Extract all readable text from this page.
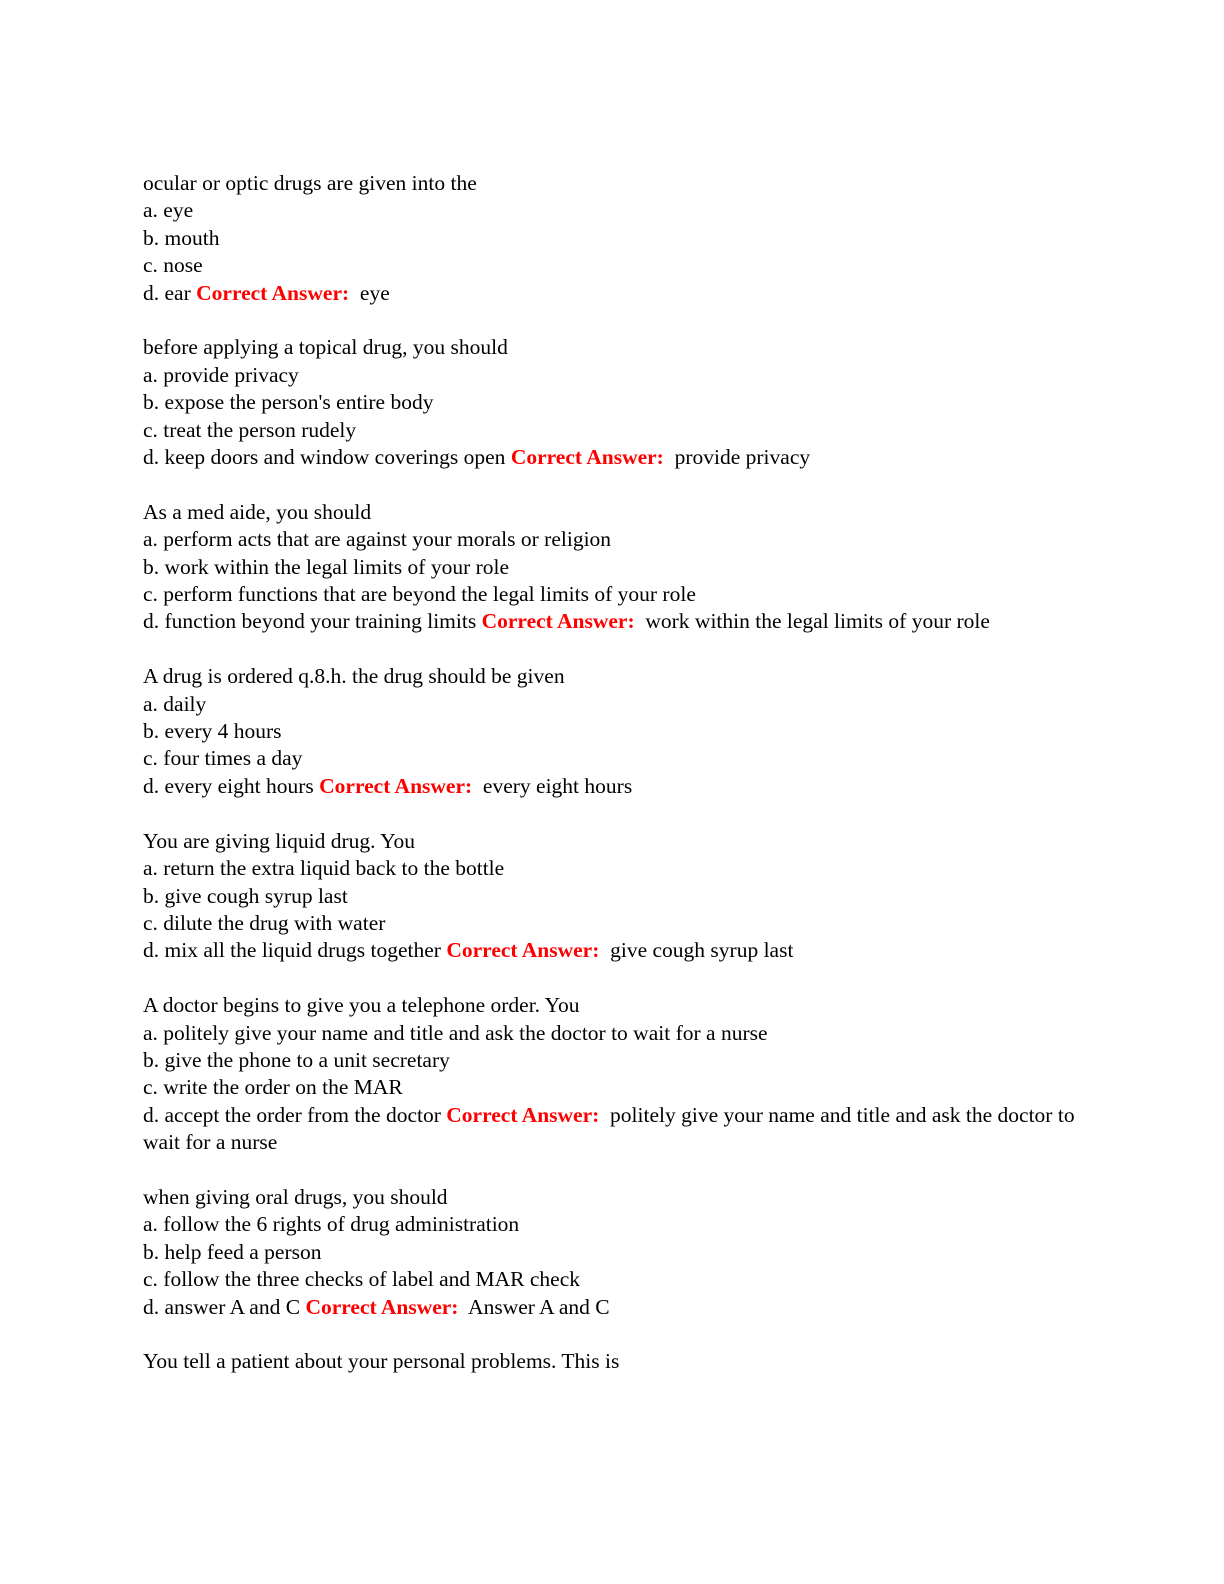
ocular or optic drugs are given into the
a. eye
b. mouth
c. nose
d. ear Correct Answer: eye
before applying a topical drug, you should
a. provide privacy
b. expose the person's entire body
c. treat the person rudely
d. keep doors and window coverings open Correct Answer: provide privacy
As a med aide, you should
a. perform acts that are against your morals or religion
b. work within the legal limits of your role
c. perform functions that are beyond the legal limits of your role
d. function beyond your training limits Correct Answer: work within the legal limits of your role
A drug is ordered q.8.h. the drug should be given
a. daily
b. every 4 hours
c. four times a day
d. every eight hours Correct Answer: every eight hours
You are giving liquid drug. You
a. return the extra liquid back to the bottle
b. give cough syrup last
c. dilute the drug with water
d. mix all the liquid drugs together Correct Answer: give cough syrup last
A doctor begins to give you a telephone order. You
a. politely give your name and title and ask the doctor to wait for a nurse
b. give the phone to a unit secretary
c. write the order on the MAR
d. accept the order from the doctor Correct Answer: politely give your name and title and ask the doctor to wait for a nurse
when giving oral drugs, you should
a. follow the 6 rights of drug administration
b. help feed a person
c. follow the three checks of label and MAR check
d. answer A and C Correct Answer: Answer A and C
You tell a patient about your personal problems. This is
